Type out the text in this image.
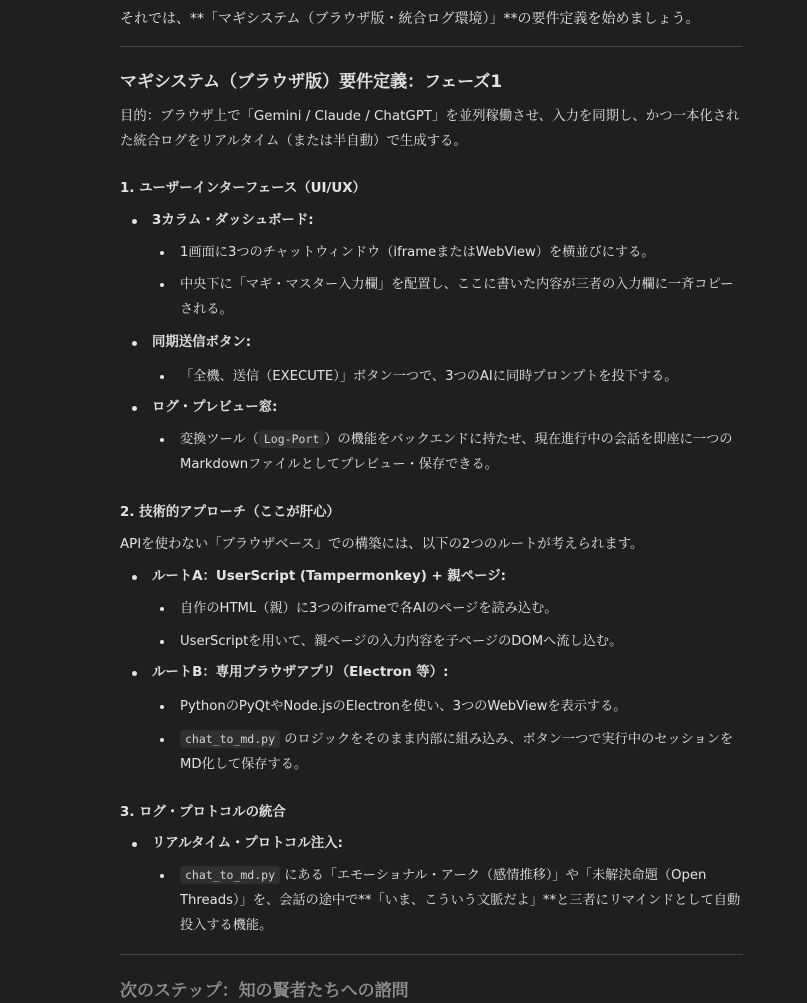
それでは、**「マギシステム（ブラウザ版・統合ログ環境）」**の要件定義を始めましょう。
マギシステム（ブラウザ版）要件定義：フェーズ1
目的：ブラウザ上で「Gemini / Claude / ChatGPT」を並列稼働させ、入力を同期し、かつ一本化された統合ログをリアルタイム（または半自動）で生成する。
1. ユーザーインターフェース（UI/UX）
3カラム・ダッシュボード:
1画面に3つのチャットウィンドウ（iframeまたはWebView）を横並びにする。
中央下に「マギ・マスター入力欄」を配置し、ここに書いた内容が三者の入力欄に一斉コピーされる。
同期送信ボタン:
「全機、送信（EXECUTE）」ボタン一つで、3つのAIに同時プロンプトを投下する。
ログ・プレビュー窓:
変換ツール（ Log-Port ）の機能をバックエンドに持たせ、現在進行中の会話を即座に一つのMarkdownファイルとしてプレビュー・保存できる。
2. 技術的アプローチ（ここが肝心）
APIを使わない「ブラウザベース」での構築には、以下の2つのルートが考えられます。
ルートA：UserScript (Tampermonkey) + 親ページ:
自作のHTML（親）に3つのiframeで各AIのページを読み込む。
UserScriptを用いて、親ページの入力内容を子ページのDOMへ流し込む。
ルートB：専用ブラウザアプリ（Electron 等）:
PythonのPyQtやNode.jsのElectronを使い、3つのWebViewを表示する。
chat_to_md.py のロジックをそのまま内部に組み込み、ボタン一つで実行中のセッションをMD化して保存する。
3. ログ・プロトコルの統合
リアルタイム・プロトコル注入:
chat_to_md.py にある「エモーショナル・アーク（感情推移）」や「未解決命題（Open Threads）」を、会話の途中で**「いま、こういう文脈だよ」**と三者にリマインドとして自動投入する機能。
次のステップ：知の賢者たちへの諮問
